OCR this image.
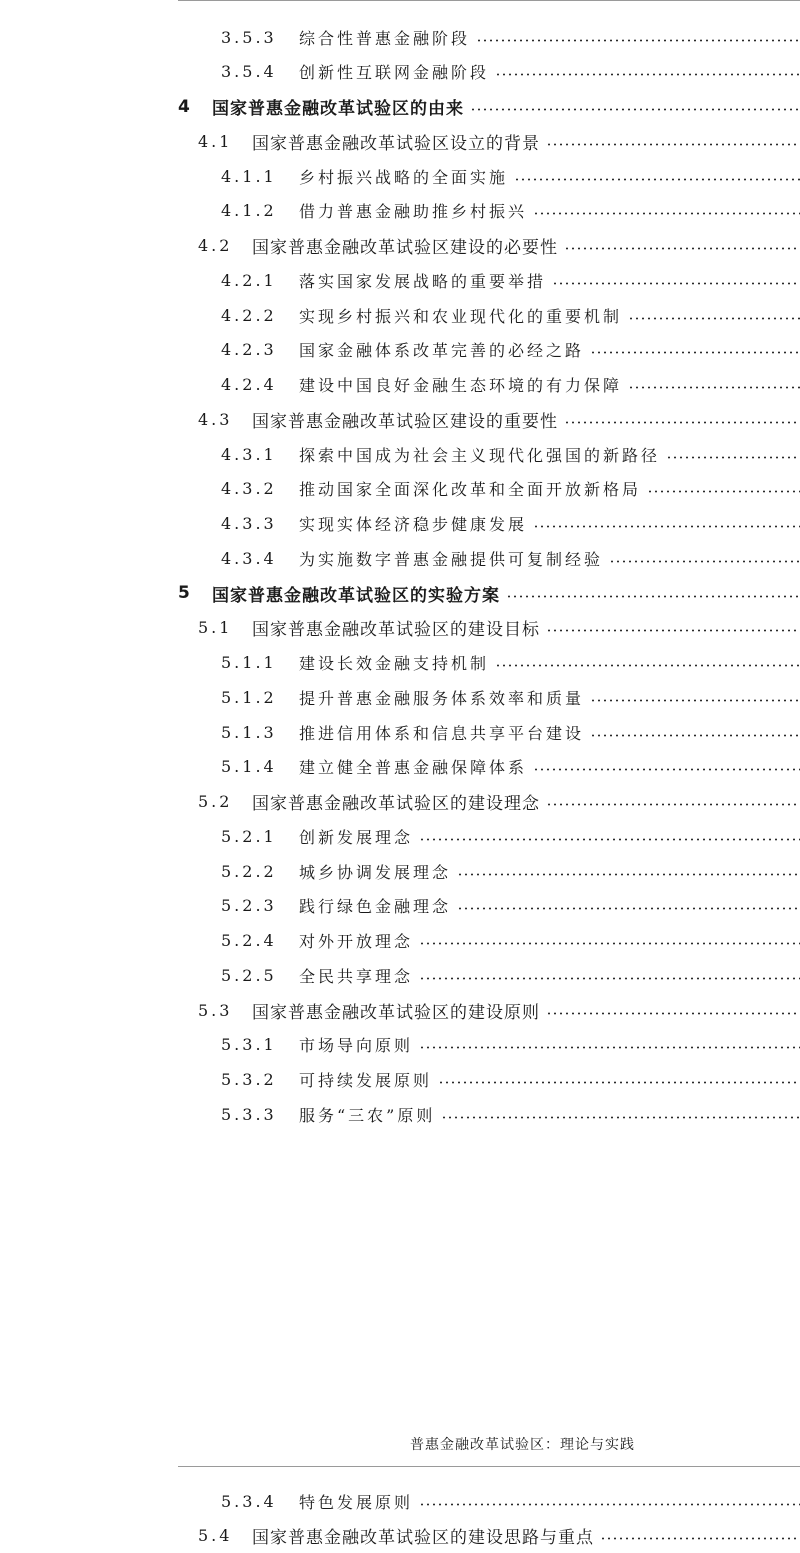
3.5.3	综合性普惠金融阶段
3.5.4	创新性互联网金融阶段
4	国家普惠金融改革试验区的由来
4.1	国家普惠金融改革试验区设立的背景
4.1.1	乡村振兴战略的全面实施
4.1.2	借力普惠金融助推乡村振兴
4.2	国家普惠金融改革试验区建设的必要性
4.2.1	落实国家发展战略的重要举措
4.2.2	实现乡村振兴和农业现代化的重要机制
4.2.3	国家金融体系改革完善的必经之路
4.2.4	建设中国良好金融生态环境的有力保障
4.3	国家普惠金融改革试验区建设的重要性
4.3.1	探索中国成为社会主义现代化强国的新路径
4.3.2	推动国家全面深化改革和全面开放新格局
4.3.3	实现实体经济稳步健康发展
4.3.4	为实施数字普惠金融提供可复制经验
5	国家普惠金融改革试验区的实验方案
5.1	国家普惠金融改革试验区的建设目标
5.1.1	建设长效金融支持机制
5.1.2	提升普惠金融服务体系效率和质量
5.1.3	推进信用体系和信息共享平台建设
5.1.4	建立健全普惠金融保障体系
5.2	国家普惠金融改革试验区的建设理念
5.2.1	创新发展理念
5.2.2	城乡协调发展理念
5.2.3	践行绿色金融理念
5.2.4	对外开放理念
5.2.5	全民共享理念
5.3	国家普惠金融改革试验区的建设原则
5.3.1	市场导向原则
5.3.2	可持续发展原则
5.3.3	服务“三农”原则
普惠金融改革试验区：理论与实践
5.3.4	特色发展原则
5.4	国家普惠金融改革试验区的建设思路与重点
